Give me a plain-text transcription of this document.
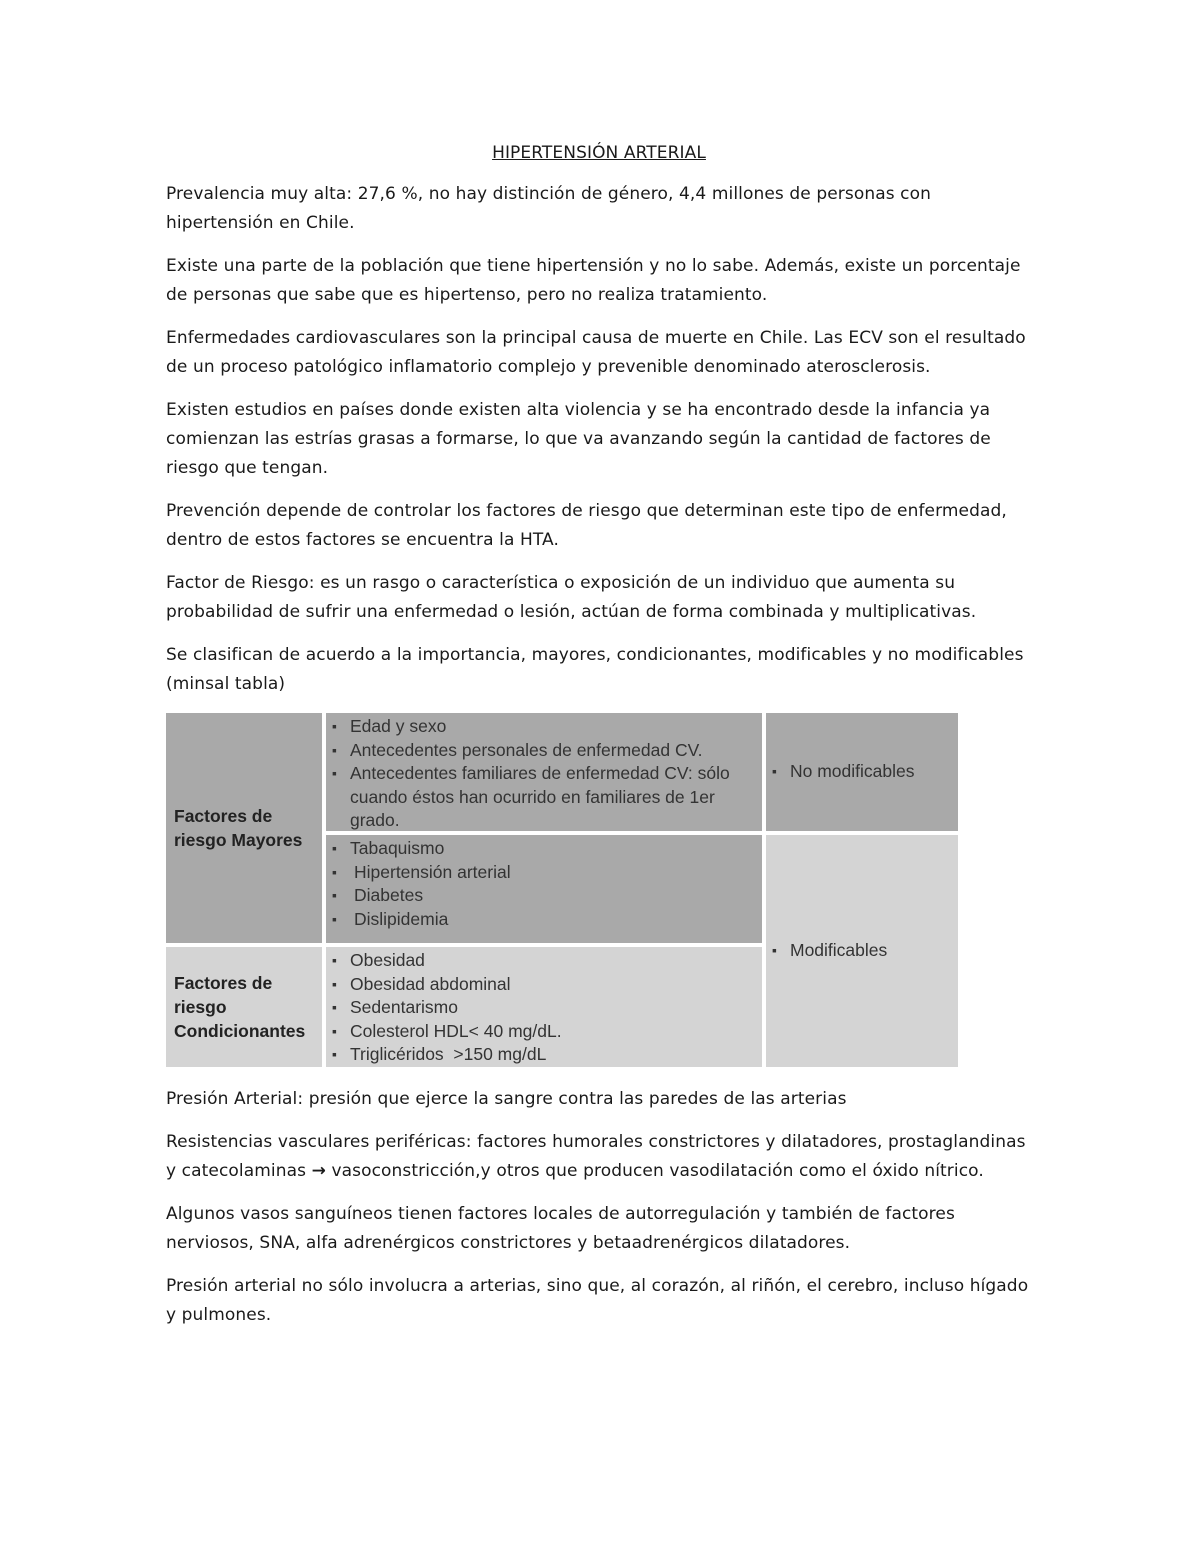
HIPERTENSIÓN ARTERIAL

Prevalencia muy alta: 27,6 %, no hay distinción de género, 4,4 millones de personas con hipertensión en Chile.

Existe una parte de la población que tiene hipertensión y no lo sabe. Además, existe un porcentaje de personas que sabe que es hipertenso, pero no realiza tratamiento.

Enfermedades cardiovasculares son la principal causa de muerte en Chile. Las ECV son el resultado de un proceso patológico inflamatorio complejo y prevenible denominado aterosclerosis.

Existen estudios en países donde existen alta violencia y se ha encontrado desde la infancia ya comienzan las estrías grasas a formarse, lo que va avanzando según la cantidad de factores de riesgo que tengan.

Prevención depende de controlar los factores de riesgo que determinan este tipo de enfermedad, dentro de estos factores se encuentra la HTA.

Factor de Riesgo: es un rasgo o característica o exposición de un individuo que aumenta su probabilidad de sufrir una enfermedad o lesión, actúan de forma combinada y multiplicativas.

Se clasifican de acuerdo a la importancia, mayores, condicionantes, modificables y no modificables (minsal tabla)

Factores de riesgo Mayores
Factores de riesgo Condicionantes
▪ Edad y sexo
▪ Antecedentes personales de enfermedad CV.
▪ Antecedentes familiares de enfermedad CV: sólo cuando éstos han ocurrido en familiares de 1er grado.
▪ Tabaquismo
▪ Hipertensión arterial
▪ Diabetes
▪ Dislipidemia
▪ Obesidad
▪ Obesidad abdominal
▪ Sedentarismo
▪ Colesterol HDL< 40 mg/dL.
▪ Triglicéridos  >150 mg/dL
▪ No modificables
▪ Modificables

Presión Arterial: presión que ejerce la sangre contra las paredes de las arterias

Resistencias vasculares periféricas: factores humorales constrictores y dilatadores, prostaglandinas y catecolaminas → vasoconstricción,y otros que producen vasodilatación como el óxido nítrico.

Algunos vasos sanguíneos tienen factores locales de autorregulación y también de factores nerviosos, SNA, alfa adrenérgicos constrictores y betaadrenérgicos dilatadores.

Presión arterial no sólo involucra a arterias, sino que, al corazón, al riñón, el cerebro, incluso hígado y pulmones.
